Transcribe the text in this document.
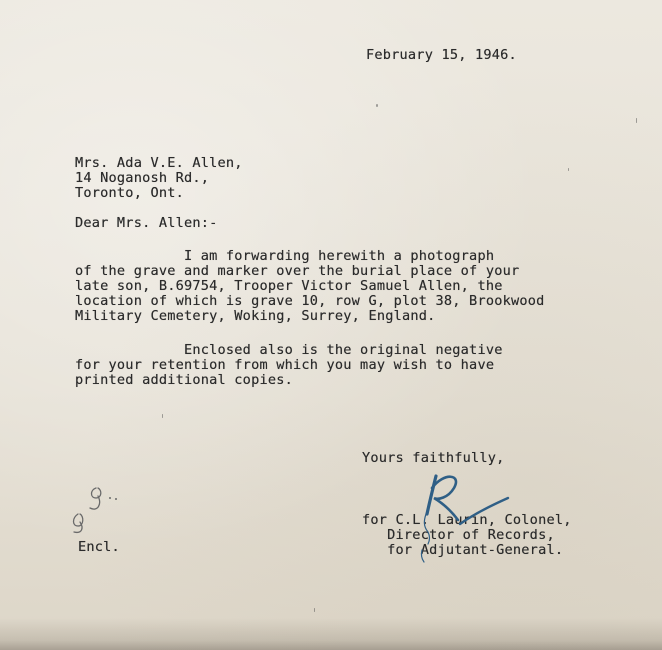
February 15, 1946.
Mrs. Ada V.E. Allen,
14 Noganosh Rd.,
Toronto, Ont.
Dear Mrs. Allen:-
I am forwarding herewith a photograph
of the grave and marker over the burial place of your
late son, B.69754, Trooper Victor Samuel Allen, the
location of which is grave 10, row G, plot 38, Brookwood
Military Cemetery, Woking, Surrey, England.
Enclosed also is the original negative
for your retention from which you may wish to have
printed additional copies.
Yours faithfully,
for C.L. Laurin, Colonel,
Director of Records,
for Adjutant-General.
Encl.
